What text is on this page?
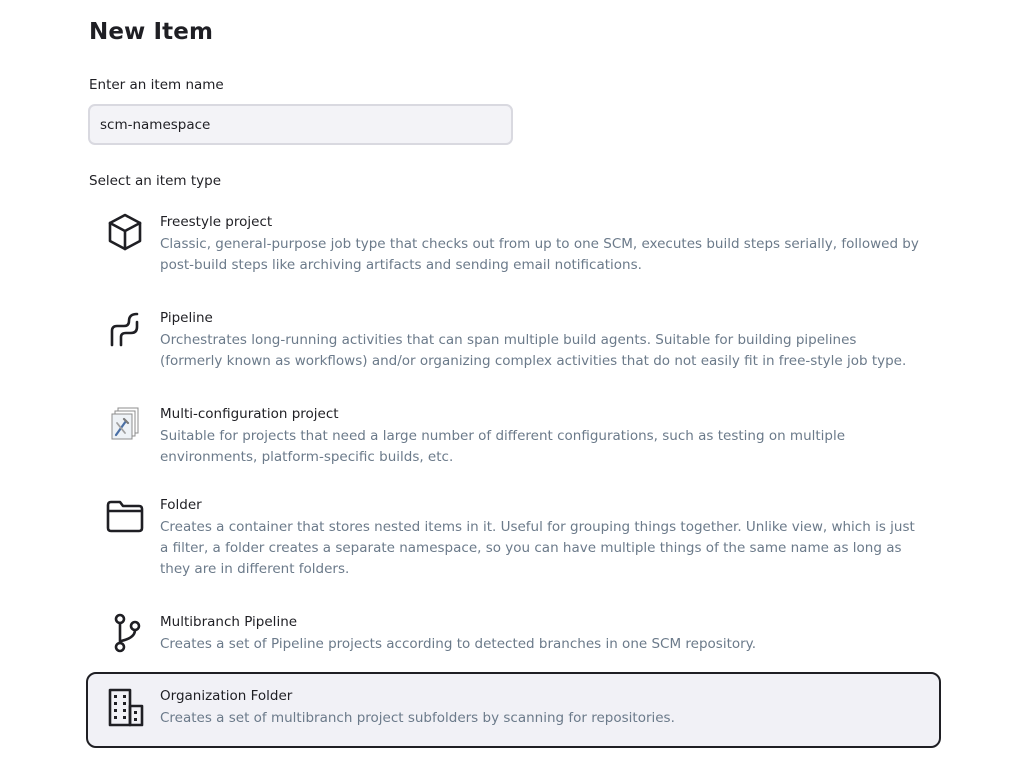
New Item
Enter an item name
scm-namespace
Select an item type
Freestyle project
Classic, general-purpose job type that checks out from up to one SCM, executes build steps serially, followed by post-build steps like archiving artifacts and sending email notifications.
Pipeline
Orchestrates long-running activities that can span multiple build agents. Suitable for building pipelines (formerly known as workflows) and/or organizing complex activities that do not easily fit in free-style job type.
Multi-configuration project
Suitable for projects that need a large number of different configurations, such as testing on multiple environments, platform-specific builds, etc.
Folder
Creates a container that stores nested items in it. Useful for grouping things together. Unlike view, which is just a filter, a folder creates a separate namespace, so you can have multiple things of the same name as long as they are in different folders.
Multibranch Pipeline
Creates a set of Pipeline projects according to detected branches in one SCM repository.
Organization Folder
Creates a set of multibranch project subfolders by scanning for repositories.
